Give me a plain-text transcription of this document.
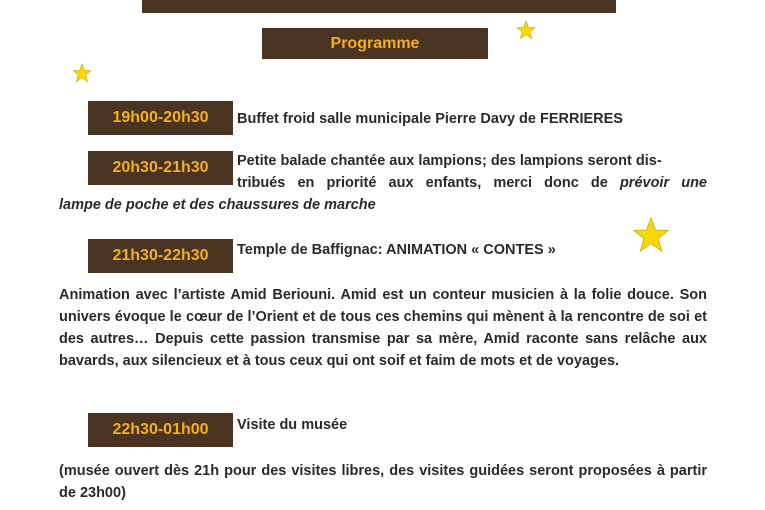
Programme
19h00-20h30 Buffet froid salle municipale Pierre Davy de FERRIERES
20h30-21h30 Petite balade chantée aux lampions; des lampions seront dis-
tribués en priorité aux enfants, merci donc de prévoir une
lampe de poche et des chaussures de marche
21h30-22h30 Temple de Baffignac: ANIMATION « CONTES »
Animation avec l’artiste Amid Beriouni. Amid est un conteur musicien à la folie douce. Son univers évoque le cœur de l’Orient et de tous ces chemins qui mènent à la rencontre de soi et des autres… Depuis cette passion transmise par sa mère, Amid raconte sans relâche aux bavards, aux silencieux et à tous ceux qui ont soif et faim de mots et de voyages.
22h30-01h00 Visite du musée
(musée ouvert dès 21h pour des visites libres, des visites guidées seront proposées à partir de 23h00)
